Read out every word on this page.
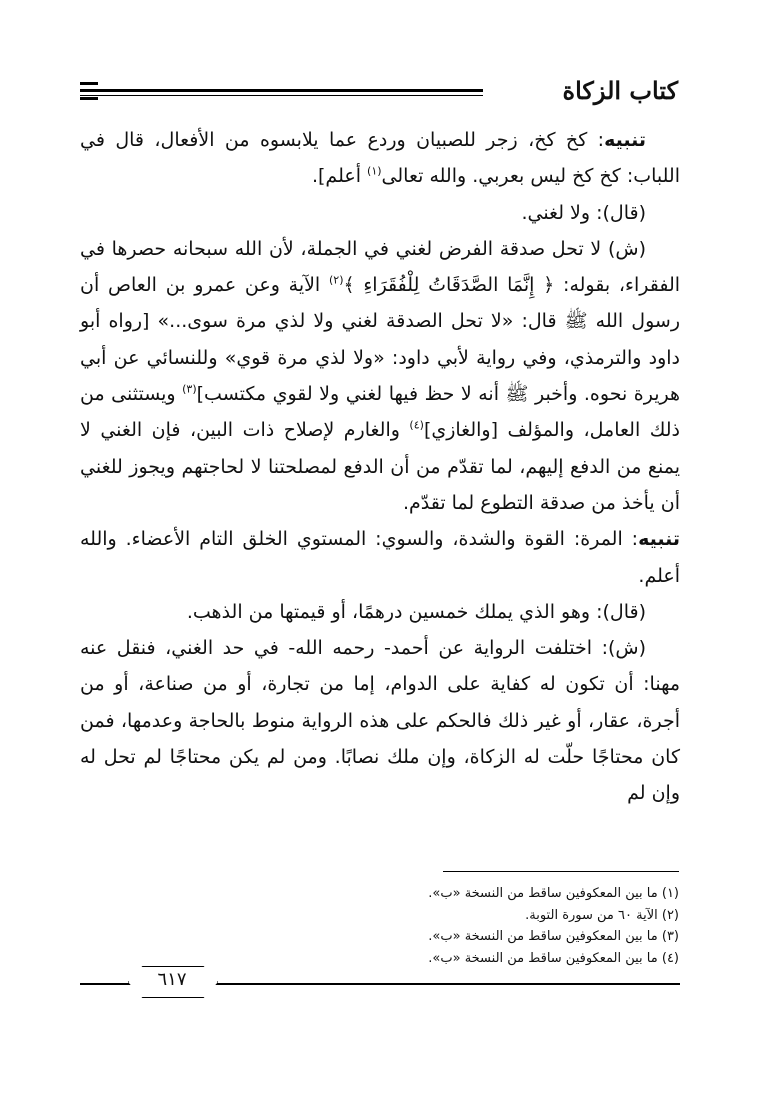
كتاب الزكاة

تنبيه: كخ كخ، زجر للصبيان وردع عما يلابسوه من الأفعال، قال في اللباب: كخ كخ ليس بعربي. والله تعالى$^{(١)}$ أعلم].

(قال): ولا لغني.

(ش) لا تحل صدقة الفرض لغني في الجملة، لأن الله سبحانه حصرها في الفقراء، بقوله: ﴿ إِنَّمَا الصَّدَقَاتُ لِلْفُقَرَاءِ ﴾$^{(٢)}$ الآية وعن عمرو بن العاص أن رسول الله ﷺ قال: «لا تحل الصدقة لغني ولا لذي مرة سوى...» [رواه أبو داود والترمذي، وفي رواية لأبي داود: «ولا لذي مرة قوي» وللنسائي عن أبي هريرة نحوه. وأخبر ﷺ أنه لا حظ فيها لغني ولا لقوي مكتسب]$^{(٣)}$ ويستثنى من ذلك العامل، والمؤلف [والغازي]$^{(٤)}$ والغارم لإصلاح ذات البين، فإن الغني لا يمنع من الدفع إليهم، لما تقدّم من أن الدفع لمصلحتنا لا لحاجتهم ويجوز للغني أن يأخذ من صدقة التطوع لما تقدّم.

تنبيه: المرة: القوة والشدة، والسوي: المستوي الخلق التام الأعضاء. والله أعلم.

(قال): وهو الذي يملك خمسين درهمًا، أو قيمتها من الذهب.

(ش): اختلفت الرواية عن أحمد- رحمه الله- في حد الغني، فنقل عنه مهنا: أن تكون له كفاية على الدوام، إما من تجارة، أو من صناعة، أو من أجرة، عقار، أو غير ذلك فالحكم على هذه الرواية منوط بالحاجة وعدمها، فمن كان محتاجًا حلّت له الزكاة، وإن ملك نصابًا. ومن لم يكن محتاجًا لم تحل له وإن لم

(١) ما بين المعكوفين ساقط من النسخة «ب».
(٢) الآية ٦٠ من سورة التوبة.
(٣) ما بين المعكوفين ساقط من النسخة «ب».
(٤) ما بين المعكوفين ساقط من النسخة «ب».
٦١٧
